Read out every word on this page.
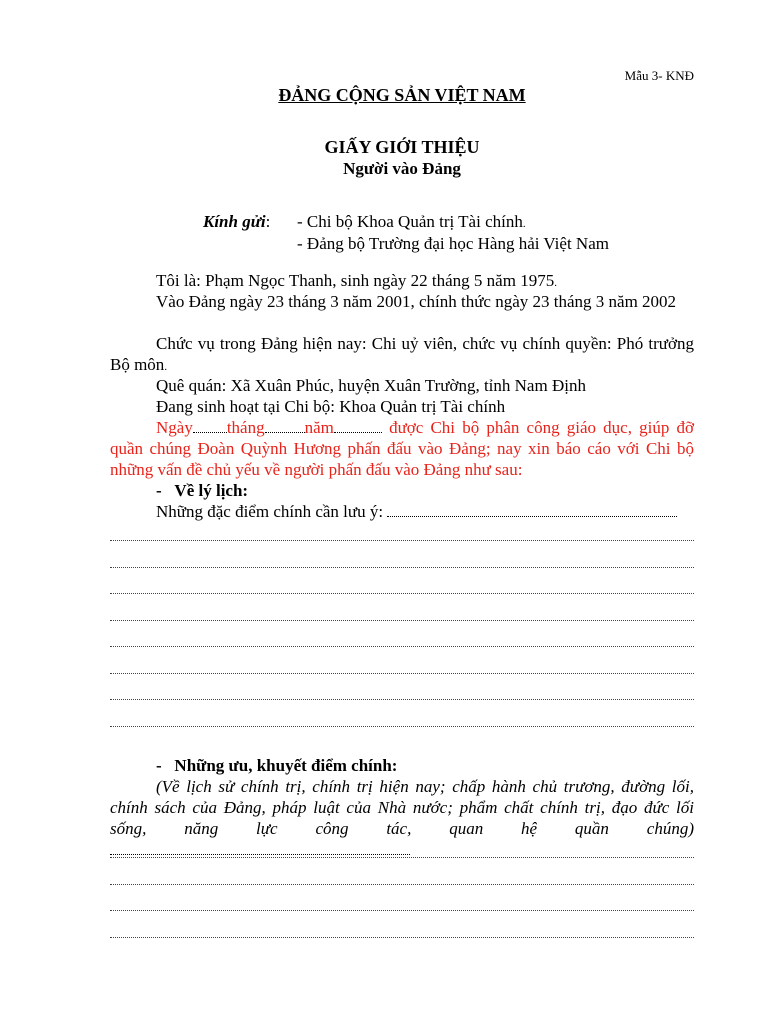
Mẫu 3- KNĐ
ĐẢNG CỘNG SẢN VIỆT NAM
GIẤY GIỚI THIỆU
Người vào Đảng
Kính gửi: - Chi bộ Khoa Quản trị Tài chính.
- Đảng bộ Trường đại học Hàng hải Việt Nam
Tôi là: Phạm Ngọc Thanh, sinh ngày 22 tháng 5 năm 1975.
Vào Đảng ngày 23 tháng 3 năm 2001, chính thức ngày 23 tháng 3 năm 2002
Chức vụ trong Đảng hiện nay: Chi uỷ viên, chức vụ chính quyền: Phó trưởng Bộ môn.
Quê quán: Xã Xuân Phúc, huyện Xuân Trường, tỉnh Nam Định
Đang sinh hoạt tại Chi bộ: Khoa Quản trị Tài chính
Ngày tháng năm	được Chi bộ phân công giáo dục, giúp đỡ quần chúng Đoàn Quỳnh Hương phấn đấu vào Đảng; nay xin báo cáo với Chi bộ những vấn đề chủ yếu về người phấn đấu vào Đảng như sau:
- Về lý lịch:
Những đặc điểm chính cần lưu ý:
- Những ưu, khuyết điểm chính:
(Về lịch sử chính trị, chính trị hiện nay; chấp hành chủ trương, đường lối, chính sách của Đảng, pháp luật của Nhà nước; phẩm chất chính trị, đạo đức lối sống, năng lực công tác, quan hệ quần chúng)
